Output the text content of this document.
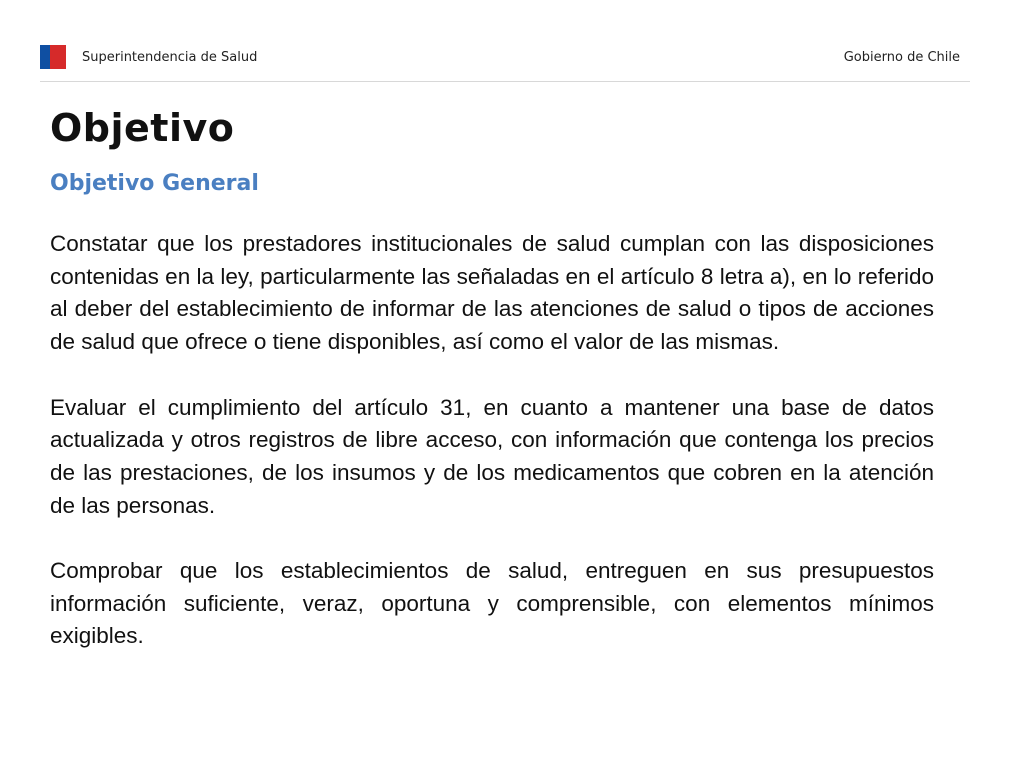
Superintendencia de Salud	Gobierno de Chile
Objetivo
Objetivo General

Constatar que los prestadores institucionales de salud cumplan con las disposiciones contenidas en la ley, particularmente las señaladas en el artículo 8 letra a), en lo referido al deber del establecimiento de informar de las atenciones de salud o tipos de acciones de salud que ofrece o tiene disponibles, así como el valor de las mismas.

Evaluar el cumplimiento del artículo 31, en cuanto a mantener una base de datos actualizada y otros registros de libre acceso, con información que contenga los precios de las prestaciones, de los insumos y de los medicamentos que cobren en la atención de las personas.

Comprobar que los establecimientos de salud, entreguen en sus presupuestos información suficiente, veraz, oportuna y comprensible, con elementos mínimos exigibles.
